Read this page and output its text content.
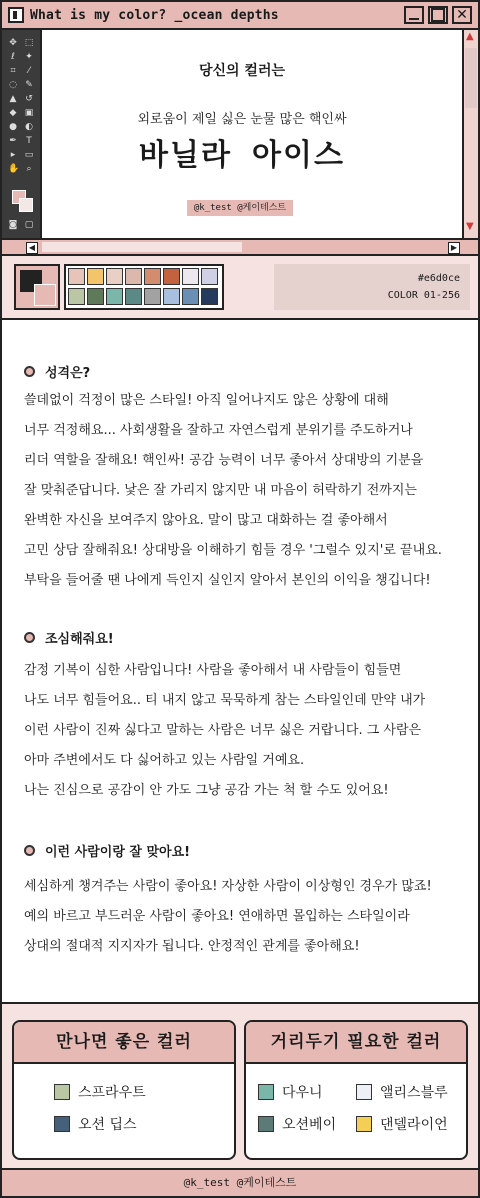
What is my color? _ocean depths	✕
✥ ⬚
ℓ	✦
⌗	⁄
◌ ✎
▲ ↺
◆ ▣
● ◐
✒ T
▸	▭
✋ ⌕
◙ ▢
당신의 컬러는
외로움이 제일 싫은 눈물 많은 핵인싸
바닐라 아이스
@k_test @케이테스트
▲
▼
◀	▶
#e6d0ce
COLOR 01-256
성격은?
쓸데없이 걱정이 많은 스타일! 아직 일어나지도 않은 상황에 대해
너무 걱정해요... 사회생활을 잘하고 자연스럽게 분위기를 주도하거나
리더 역할을 잘해요! 핵인싸! 공감 능력이 너무 좋아서 상대방의 기분을
잘 맞춰준답니다. 낯은 잘 가리지 않지만 내 마음이 허락하기 전까지는
완벽한 자신을 보여주지 않아요. 말이 많고 대화하는 걸 좋아해서
고민 상담 잘해줘요! 상대방을 이해하기 힘들 경우 '그럴수 있지'로 끝내요.
부탁을 들어줄 땐 나에게 득인지 실인지 알아서 본인의 이익을 챙깁니다!
조심해줘요!
감정 기복이 심한 사람입니다! 사람을 좋아해서 내 사람들이 힘들면
나도 너무 힘들어요.. 티 내지 않고 묵묵하게 참는 스타일인데 만약 내가
이런 사람이 진짜 싫다고 말하는 사람은 너무 싫은 거랍니다. 그 사람은
아마 주변에서도 다 싫어하고 있는 사람일 거예요.
나는 진심으로 공감이 안 가도 그냥 공감 가는 척 할 수도 있어요!
이런 사람이랑 잘 맞아요!
세심하게 챙겨주는 사람이 좋아요! 자상한 사람이 이상형인 경우가 많죠!
예의 바르고 부드러운 사람이 좋아요! 연애하면 몰입하는 스타일이라
상대의 절대적 지지자가 됩니다. 안정적인 관계를 좋아해요!
만나면 좋은 컬러
스프라우트
오션 딥스
거리두기 필요한 컬러
다우니	앨리스블루
오션베이	댄델라이언
@k_test @케이테스트
